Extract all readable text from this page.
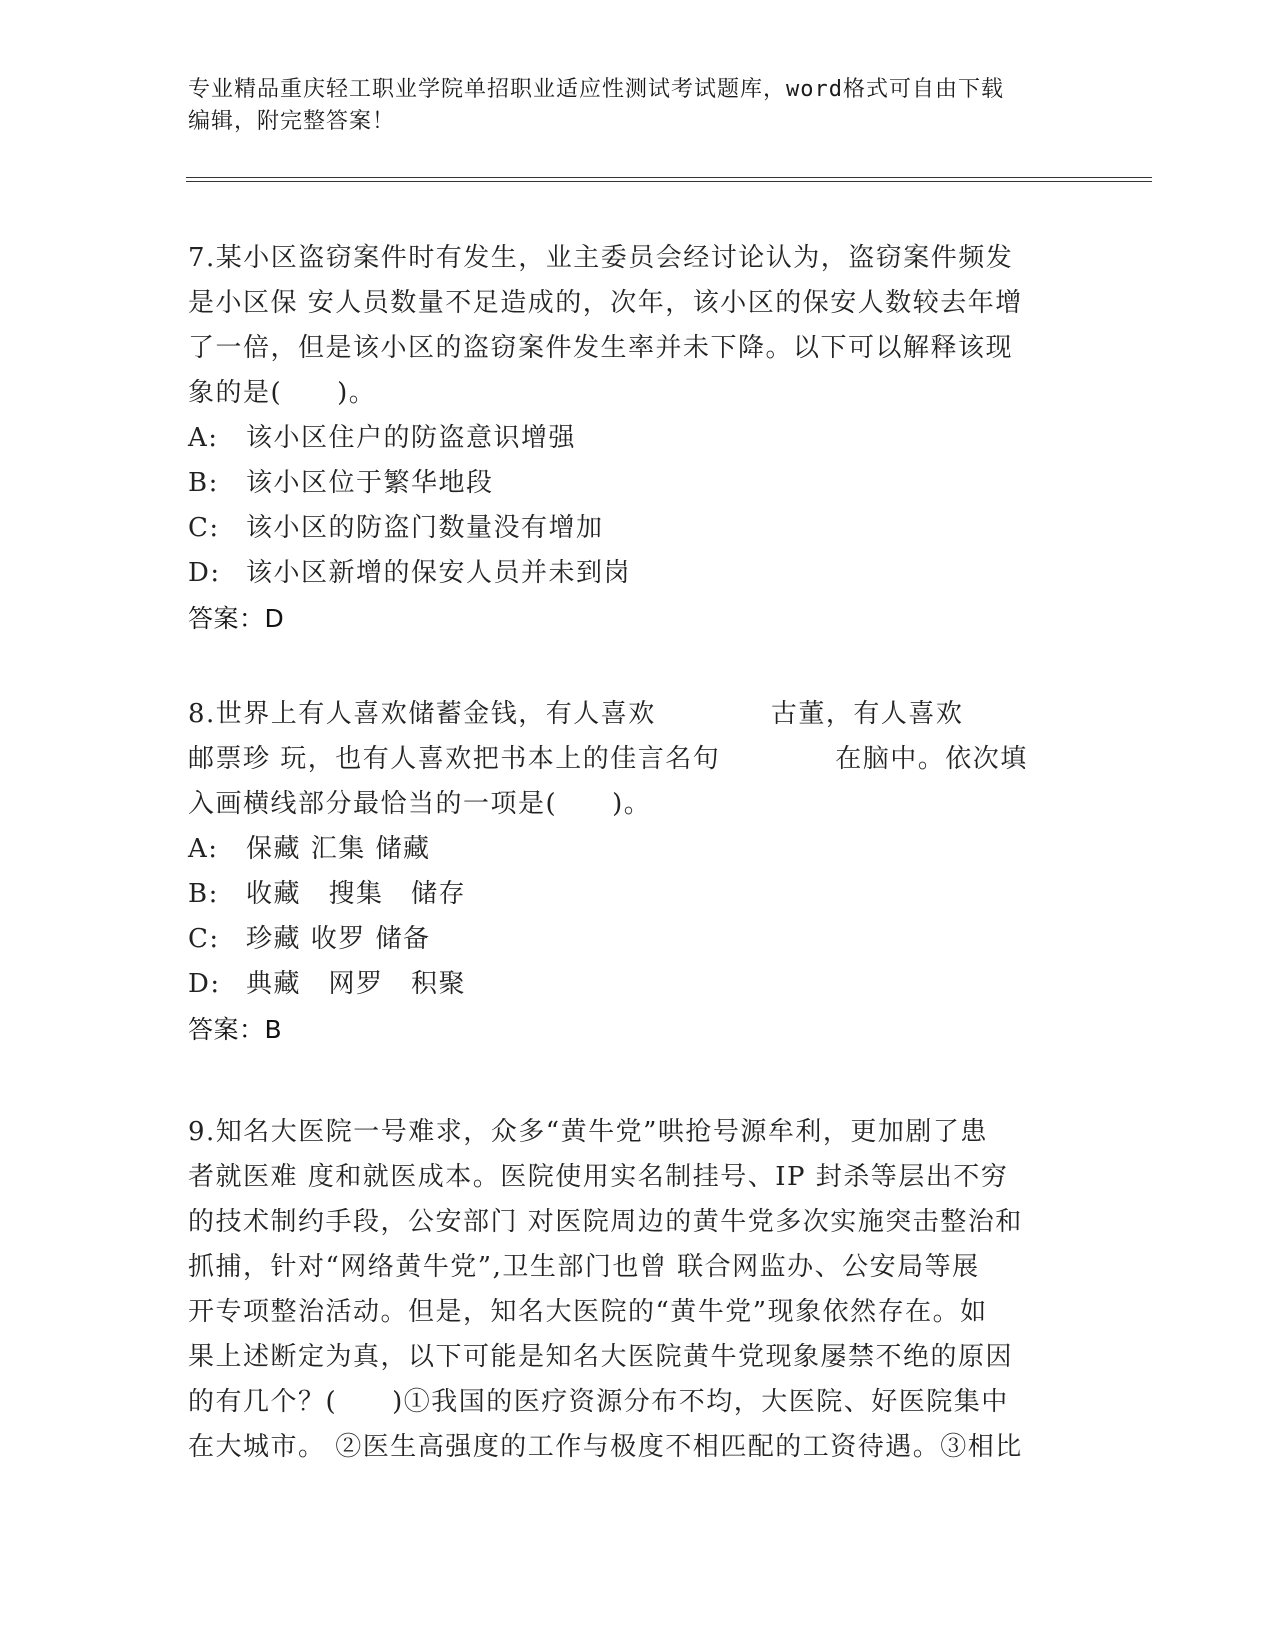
专业精品重庆轻工职业学院单招职业适应性测试考试题库，word格式可自由下载
编辑，附完整答案！
7.某小区盗窃案件时有发生，业主委员会经讨论认为，盗窃案件频发
是小区保 安人员数量不足造成的，次年，该小区的保安人数较去年增
了一倍，但是该小区的盗窃案件发生率并未下降。以下可以解释该现
象的是(　　)。
A: 该小区住户的防盗意识增强
B: 该小区位于繁华地段
C: 该小区的防盗门数量没有增加
D: 该小区新增的保安人员并未到岗
答案：D
8.世界上有人喜欢储蓄金钱，有人喜欢	古董，有人喜欢
邮票珍 玩，也有人喜欢把书本上的佳言名句	在脑中。依次填
入画横线部分最恰当的一项是(　　)。
A: 保藏 汇集 储藏
B: 收藏　搜集　储存
C: 珍藏 收罗 储备
D: 典藏　网罗　积聚
答案：B
9.知名大医院一号难求，众多“黄牛党”哄抢号源牟利，更加剧了患
者就医难 度和就医成本。医院使用实名制挂号、IP 封杀等层出不穷
的技术制约手段，公安部门 对医院周边的黄牛党多次实施突击整治和
抓捕，针对“网络黄牛党”,卫生部门也曾 联合网监办、公安局等展
开专项整治活动。但是，知名大医院的“黄牛党”现象依然存在。如
果上述断定为真，以下可能是知名大医院黄牛党现象屡禁不绝的原因
的有几个？(　　)①我国的医疗资源分布不均，大医院、好医院集中
在大城市。 ②医生高强度的工作与极度不相匹配的工资待遇。③相比
